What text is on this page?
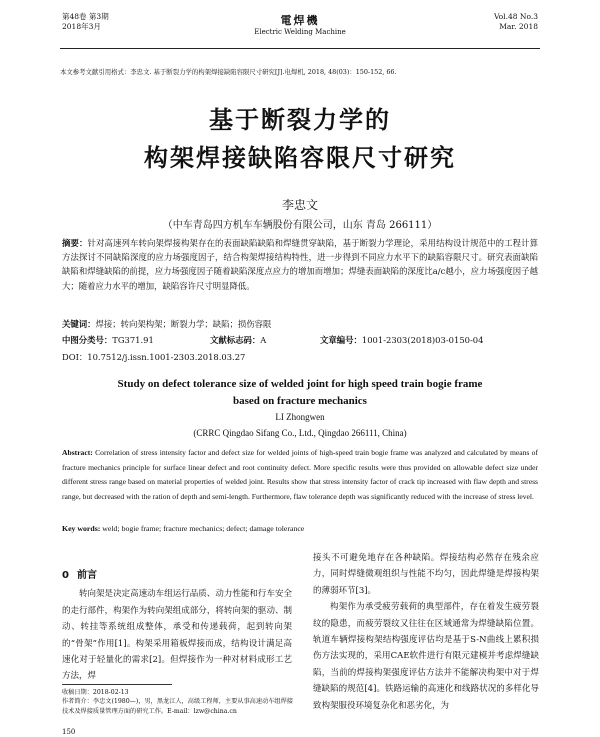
第48卷 第3期
2018年3月	電焊機
Electric Welding Machine
Vol.48 No.3
Mar. 2018
本文参考文献引用格式：李忠文. 基于断裂力学的构架焊接缺陷容限尺寸研究[J].电焊机, 2018, 48(03)：150-152, 66.
基于断裂力学的
构架焊接缺陷容限尺寸研究
李忠文
（中车青岛四方机车车辆股份有限公司，山东 青岛 266111）
摘要：针对高速列车转向架焊接构架存在的表面缺陷缺陷和焊缝贯穿缺陷，基于断裂力学理论，采用结构设计规范中的工程计算方法探讨不同缺陷深度的应力场强度因子，结合构架焊接结构特性，进一步得到不同应力水平下的缺陷容限尺寸。研究表面缺陷缺陷和焊缝缺陷的前提，应力场强度因子随着缺陷深度点应力的增加而增加；焊缝表面缺陷的深度比a/c越小，应力场强度因子越大；随着应力水平的增加，缺陷容许尺寸明显降低。
关键词：焊接；转向架构架；断裂力学；缺陷；损伤容限
中图分类号：TG371.91	文献标志码：A	文章编号：1001-2303(2018)03-0150-04
DOI：10.7512/j.issn.1001-2303.2018.03.27
Study on defect tolerance size of welded joint for high speed train bogie frame
based on fracture mechanics
LI Zhongwen
(CRRC Qingdao Sifang Co., Ltd., Qingdao 266111, China)
Abstract: Correlation of stress intensity factor and defect size for welded joints of high-speed train bogie frame was analyzed and calculated by means of fracture mechanics principle for surface linear defect and root continuity defect. More specific results were thus provided on allowable defect size under different stress range based on material properties of welded joint. Results show that stress intensity factor of crack tip increased with flaw depth and stress range, but decreased with the ration of depth and semi-length. Furthermore, flaw tolerance depth was significantly reduced with the increase of stress level.
Key words: weld; bogie frame; fracture mechanics; defect; damage tolerance
0 前言
转向架是决定高速动车组运行品质、动力性能和行车安全的走行部件，构架作为转向架组成部分，将转向架的驱动、制动、转挂等系统组成整体，承受和传递载荷，起到转向架的“骨架”作用[1]。构架采用箱板焊接而成，结构设计满足高速化对于轻量化的需求[2]。但焊接作为一种对材料成形工艺方法，焊
接头不可避免地存在各种缺陷。焊接结构必然存在残余应力，同时焊缝微观组织与性能不均匀，因此焊缝是焊接构架的薄弱环节[3]。
构架作为承受疲劳载荷的典型部件，存在着发生疲劳裂纹的隐患，而疲劳裂纹又往往在区域通常为焊缝缺陷位置。轨道车辆焊接构架结构强度评估均是基于S-N曲线上累积损伤方法实现的，采用CAE软件进行有限元建模并考虑焊缝缺陷，当前的焊接构架强度评估方法并不能解决构架中对于焊缝缺陷的规范[4]。铁路运输的高速化和线路状况的多样化导致构架服役环境复杂化和恶劣化，为
收稿日期：2018-02-13
作者简介：李忠文(1980—)，男，黑龙江人，高级工程师，主要从事高速动车组焊接技术及焊接质量管理方面的研究工作。E-mail：lzw@china.cn
150
